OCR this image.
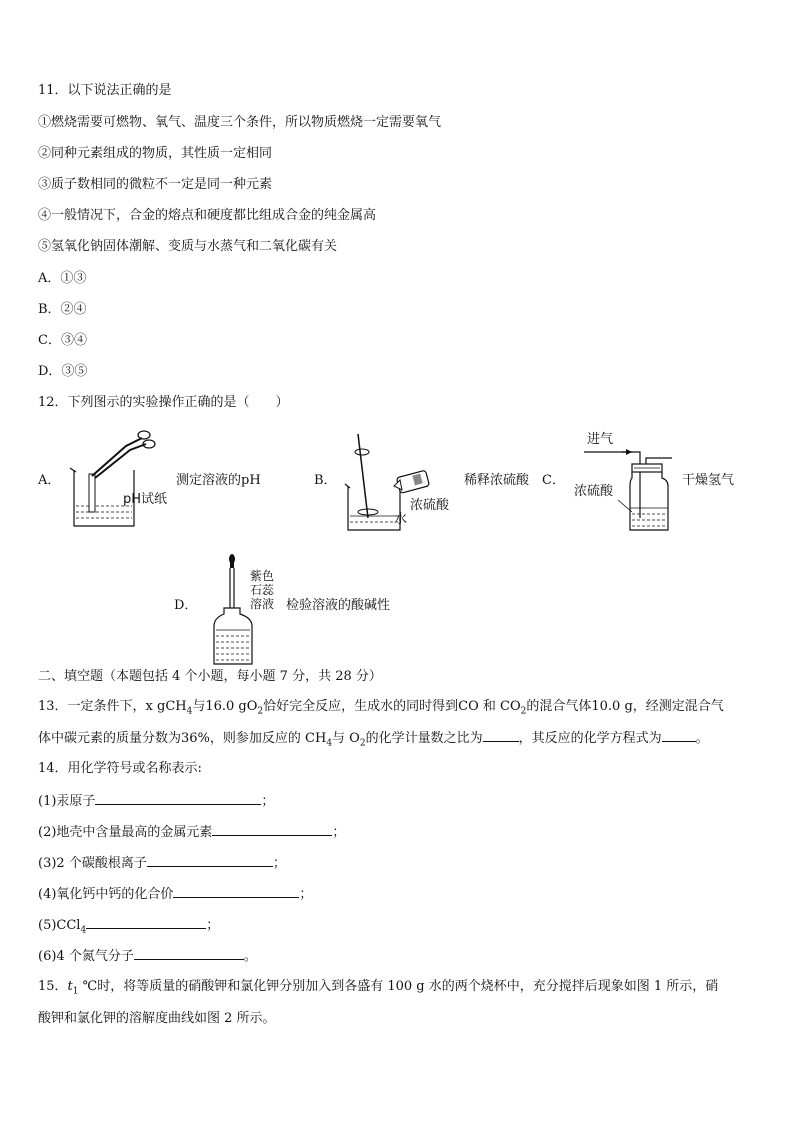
11．以下说法正确的是
①燃烧需要可燃物、氧气、温度三个条件，所以物质燃烧一定需要氧气
②同种元素组成的物质，其性质一定相同
③质子数相同的微粒不一定是同一种元素
④一般情况下，合金的熔点和硬度都比组成合金的纯金属高
⑤氢氧化钠固体潮解、变质与水蒸气和二氧化碳有关
A．①③
B．②④
C．③④
D．③⑤
12．下列图示的实验操作正确的是（　　）
A．
pH试纸
测定溶液的pH	B．
浓硫酸
水
稀释浓硫酸 C．
进气
浓硫酸
干燥氢气
D．
紫色
石蕊
溶液 检验溶液的酸碱性
二、填空题（本题包括 4 个小题，每小题 7 分，共 28 分）
13．一定条件下，x gCH$_4$与16.0 $gO_2$恰好完全反应，生成水的同时得到CO 和 $CO_2$的混合气体10.0 g，经测定混合气
体中碳元素的质量分数为36%，则参加反应的 $CH_4$与 $O_2$的化学计量数之比为	，其反应的化学方程式为	。
14．用化学符号或名称表示:
(1)汞原子	；
(2)地壳中含量最高的金属元素	；
(3)2 个碳酸根离子	；
(4)氧化钙中钙的化合价	；
(5)CCl$_4$	；
(6)4 个氮气分子	。
15．$t_1$ ℃时，将等质量的硝酸钾和氯化钾分别加入到各盛有 100 g 水的两个烧杯中，充分搅拌后现象如图 1 所示，硝
酸钾和氯化钾的溶解度曲线如图 2 所示。
